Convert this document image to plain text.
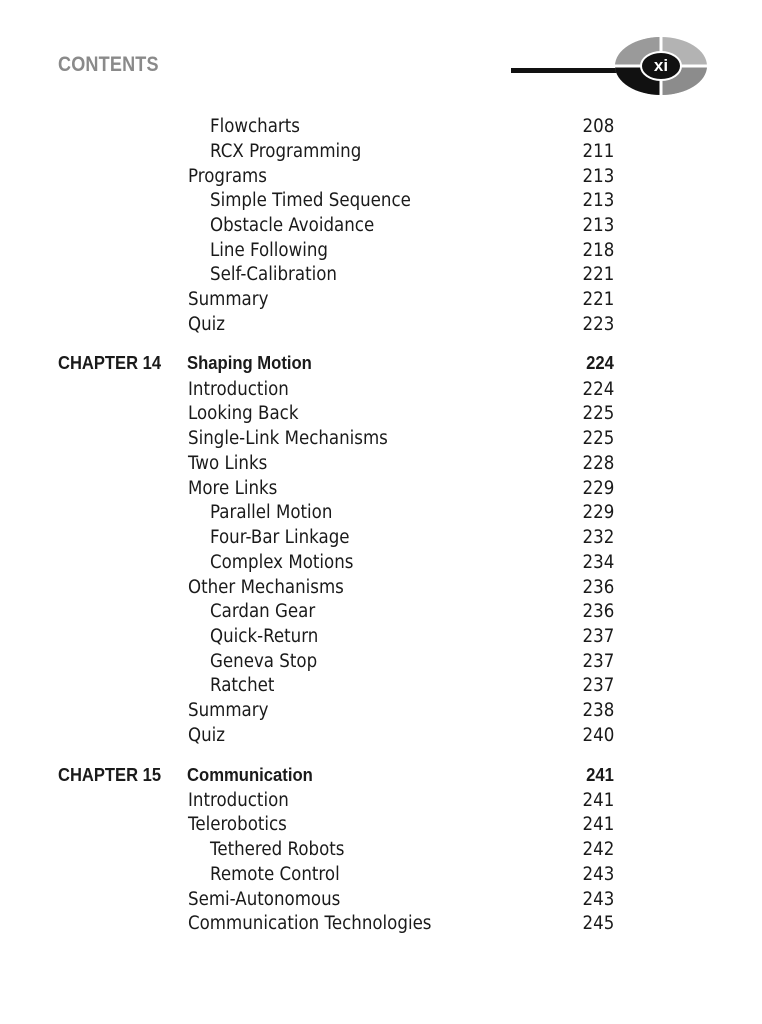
CONTENTS	xi
Flowcharts	208
RCX Programming	211
Programs	213
Simple Timed Sequence	213
Obstacle Avoidance	213
Line Following	218
Self-Calibration	221
Summary	221
Quiz	223
CHAPTER 14 Shaping Motion	224
Introduction	224
Looking Back	225
Single-Link Mechanisms	225
Two Links	228
More Links	229
Parallel Motion	229
Four-Bar Linkage	232
Complex Motions	234
Other Mechanisms	236
Cardan Gear	236
Quick-Return	237
Geneva Stop	237
Ratchet	237
Summary	238
Quiz	240
CHAPTER 15 Communication	241
Introduction	241
Telerobotics	241
Tethered Robots	242
Remote Control	243
Semi-Autonomous	243
Communication Technologies	245
